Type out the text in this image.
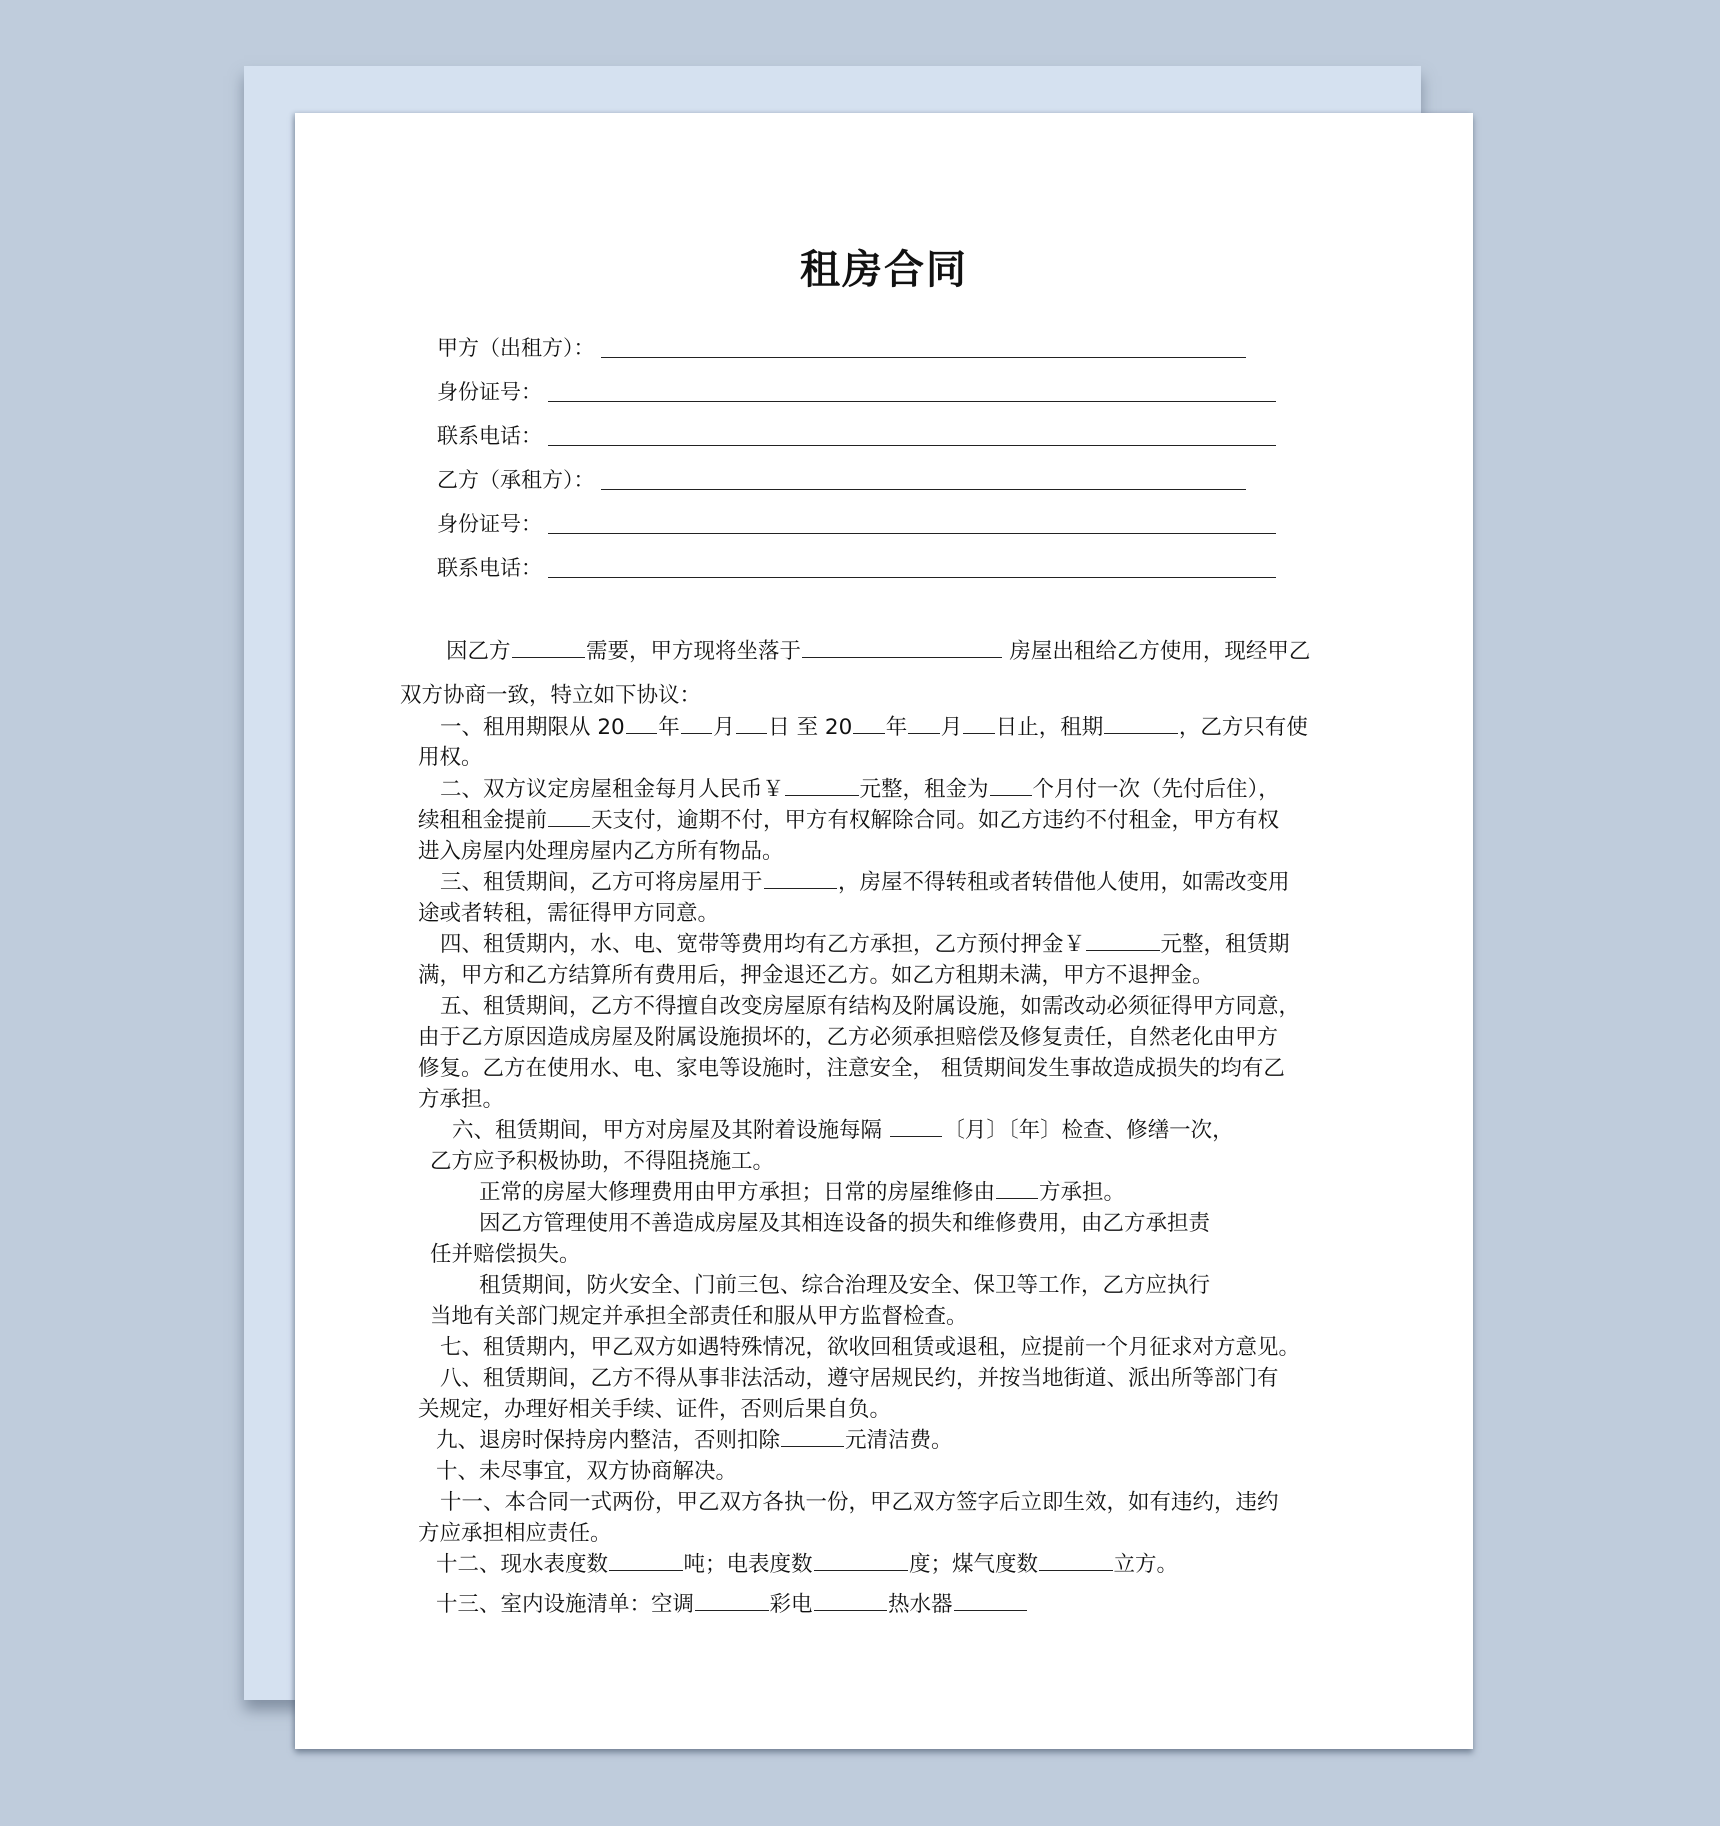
租房合同
甲方（出租方）：
身份证号：
联系电话：
乙方（承租方）：
身份证号：
联系电话：
因乙方	需要，甲方现将坐落于	房屋出租给乙方使用，现经甲乙
双方协商一致，特立如下协议：
一、租用期限从 20 年 月 日 至 20 年 月 日止，租期	，乙方只有使
用权。
二、双方议定房屋租金每月人民币￥	元整，租金为 个月付一次（先付后住），
续租租金提前 天支付，逾期不付，甲方有权解除合同。如乙方违约不付租金，甲方有权
进入房屋内处理房屋内乙方所有物品。
三、租赁期间，乙方可将房屋用于	，房屋不得转租或者转借他人使用，如需改变用
途或者转租，需征得甲方同意。
四、租赁期内，水、电、宽带等费用均有乙方承担，乙方预付押金￥	元整，租赁期
满，甲方和乙方结算所有费用后，押金退还乙方。如乙方租期未满，甲方不退押金。
五、租赁期间，乙方不得擅自改变房屋原有结构及附属设施，如需改动必须征得甲方同意，
由于乙方原因造成房屋及附属设施损坏的，乙方必须承担赔偿及修复责任，自然老化由甲方
修复。乙方在使用水、电、家电等设施时，注意安全， 租赁期间发生事故造成损失的均有乙
方承担。
六、租赁期间，甲方对房屋及其附着设施每隔	〔月〕〔年〕检查、修缮一次，
乙方应予积极协助，不得阻挠施工。
正常的房屋大修理费用由甲方承担；日常的房屋维修由 方承担。
因乙方管理使用不善造成房屋及其相连设备的损失和维修费用，由乙方承担责
任并赔偿损失。
租赁期间，防火安全、门前三包、综合治理及安全、保卫等工作，乙方应执行
当地有关部门规定并承担全部责任和服从甲方监督检查。
七、租赁期内，甲乙双方如遇特殊情况，欲收回租赁或退租，应提前一个月征求对方意见。
八、租赁期间，乙方不得从事非法活动，遵守居规民约，并按当地街道、派出所等部门有
关规定，办理好相关手续、证件，否则后果自负。
九、退房时保持房内整洁，否则扣除	元清洁费。
十、未尽事宜，双方协商解决。
十一、本合同一式两份，甲乙双方各执一份，甲乙双方签字后立即生效，如有违约，违约
方应承担相应责任。
十二、现水表度数	吨；电表度数	度；煤气度数	立方。
十三、室内设施清单：空调	彩电	热水器
